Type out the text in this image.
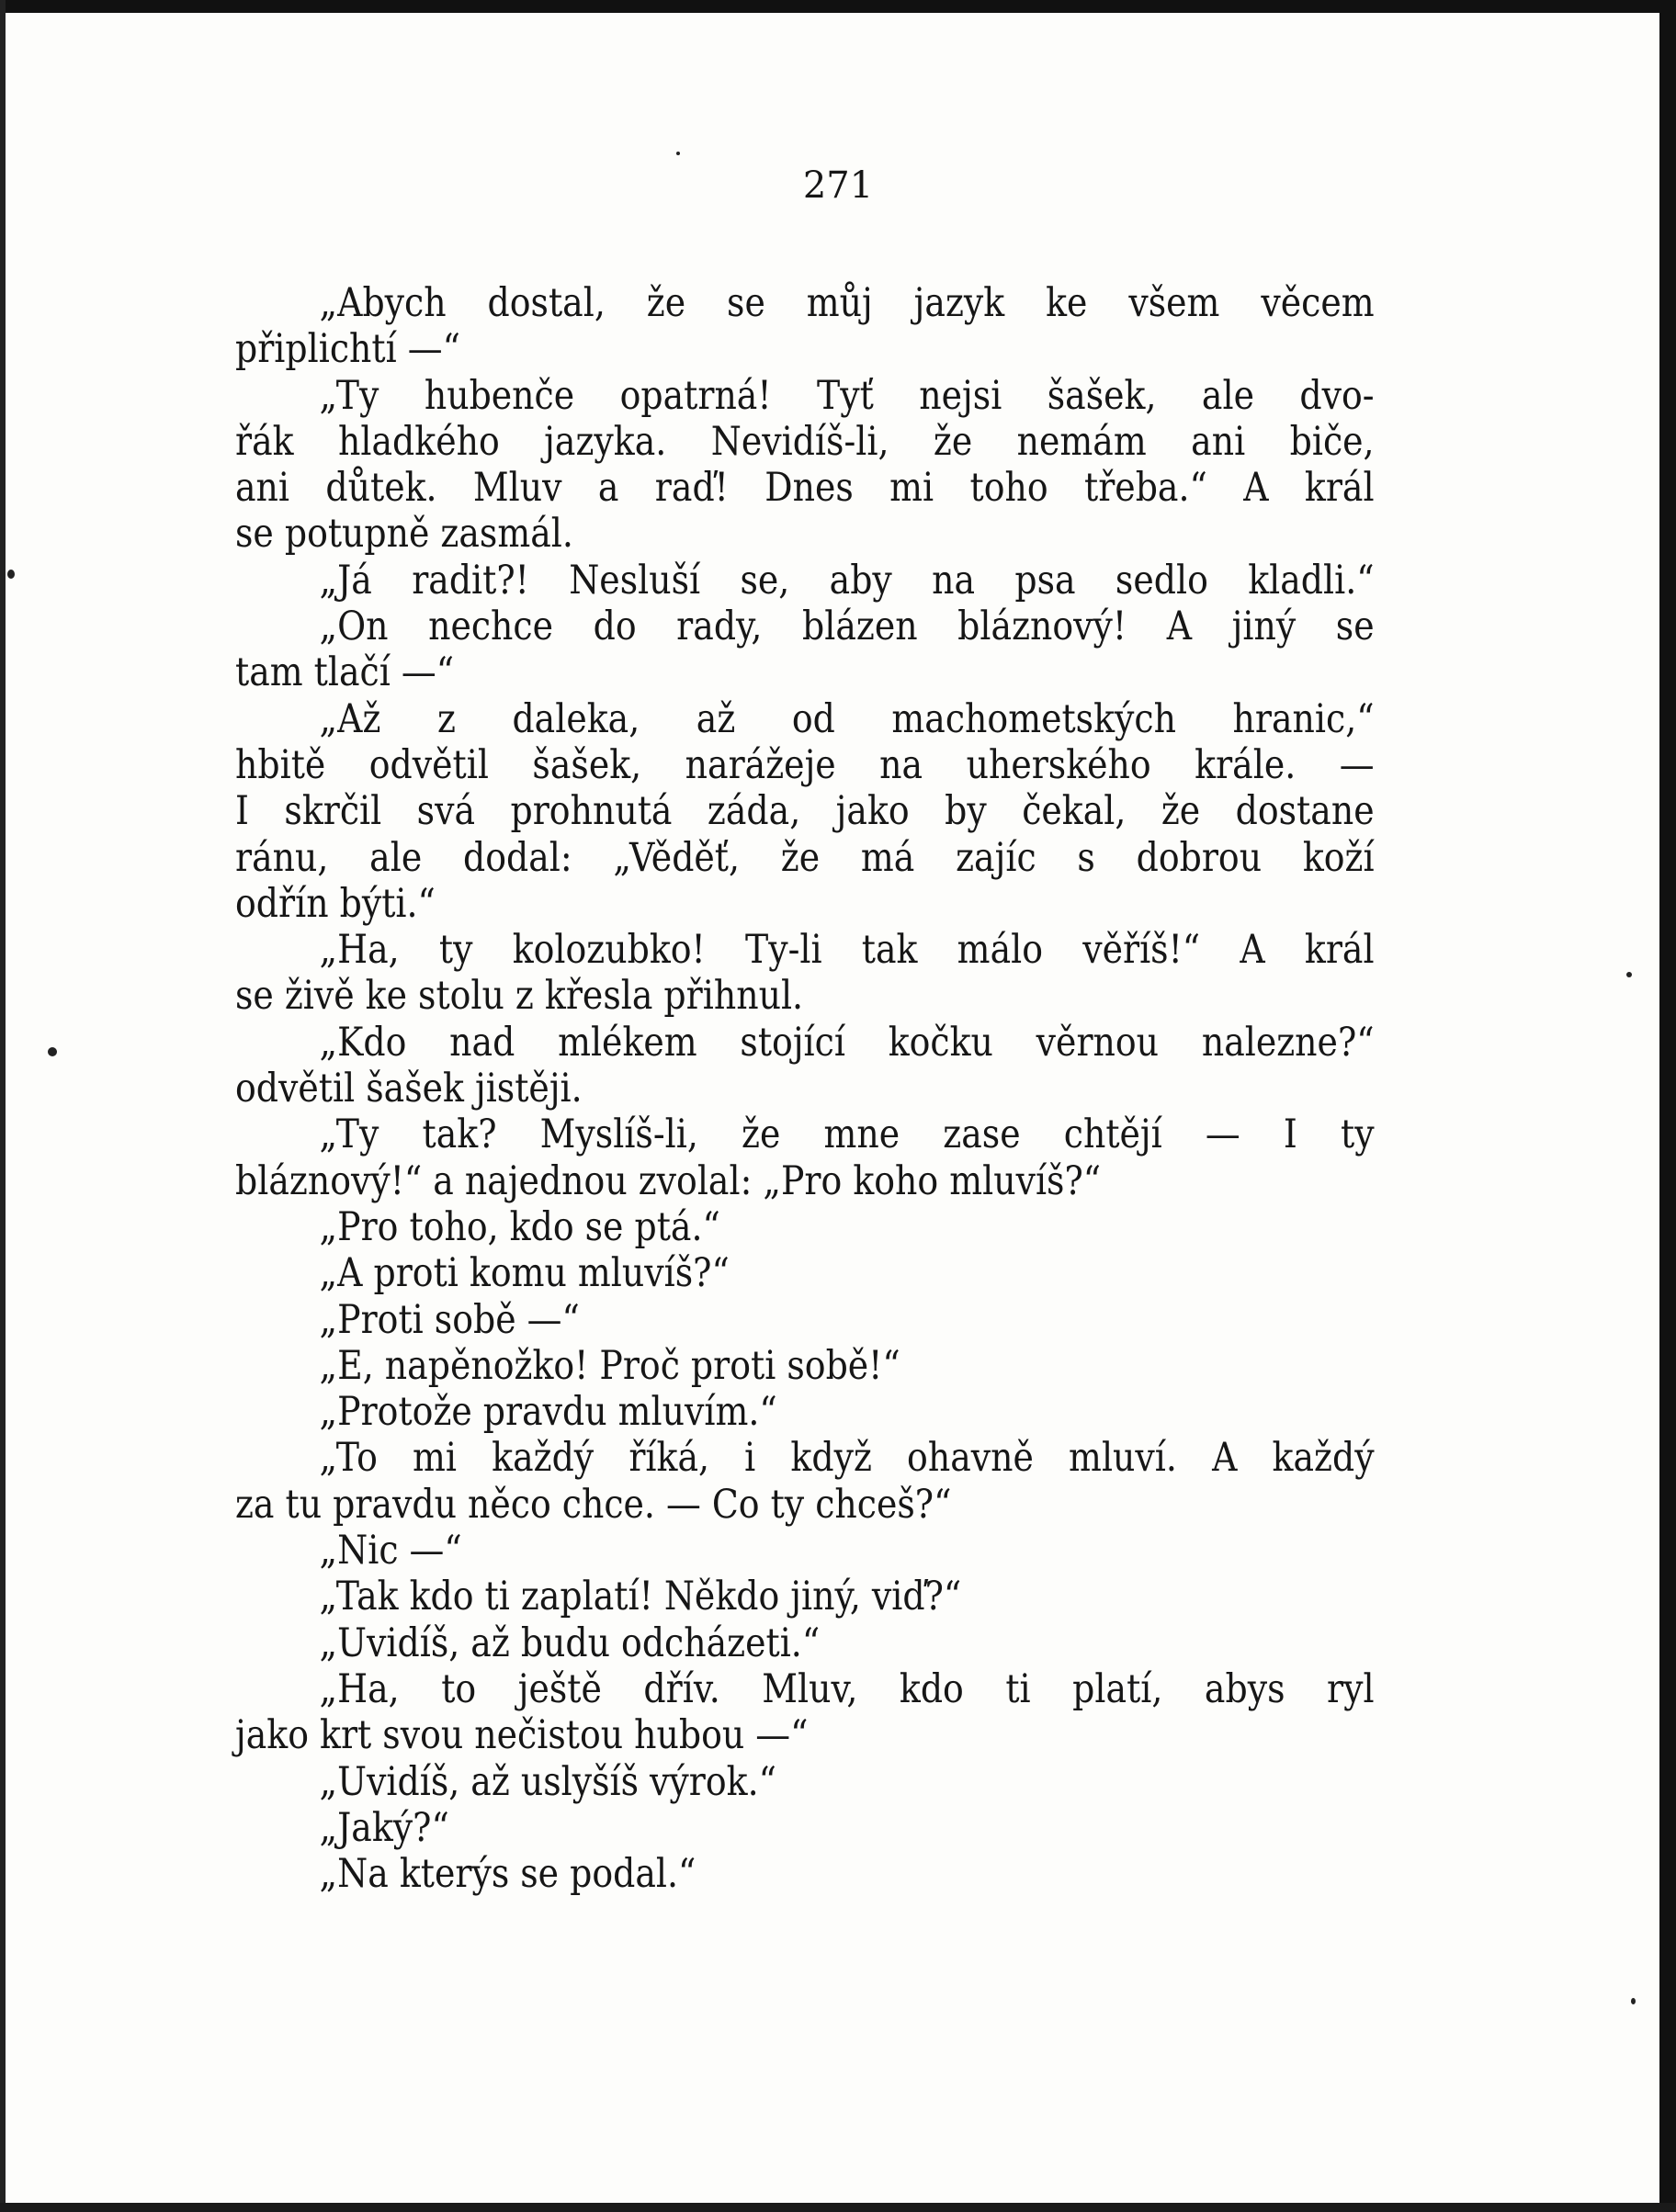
271
„Abych dostal, že se můj jazyk ke všem věcem
připlichtí —“
„Ty hubenče opatrná! Tyť nejsi šašek, ale dvo-
řák hladkého jazyka. Nevidíš-li, že nemám ani biče,
ani důtek. Mluv a raď! Dnes mi toho třeba.“ A král
se potupně zasmál.
„Já radit?! Nesluší se, aby na psa sedlo kladli.“
„On nechce do rady, blázen bláznový! A jiný se
tam tlačí —“
„Až z daleka, až od machometských hranic,“
hbitě odvětil šašek, narážeje na uherského krále. —
I skrčil svá prohnutá záda, jako by čekal, že dostane
ránu, ale dodal: „Věděť, že má zajíc s dobrou koží
odřín býti.“
„Ha, ty kolozubko! Ty-li tak málo věříš!“ A král
se živě ke stolu z křesla přihnul.
„Kdo nad mlékem stojící kočku věrnou nalezne?“
odvětil šašek jistěji.
„Ty tak? Myslíš-li, že mne zase chtějí — I ty
bláznový!“ a najednou zvolal: „Pro koho mluvíš?“
„Pro toho, kdo se ptá.“
„A proti komu mluvíš?“
„Proti sobě —“
„E, napěnožko! Proč proti sobě!“
„Protože pravdu mluvím.“
„To mi každý říká, i když ohavně mluví. A každý
za tu pravdu něco chce. — Co ty chceš?“
„Nic —“
„Tak kdo ti zaplatí! Někdo jiný, viď?“
„Uvidíš, až budu odcházeti.“
„Ha, to ještě dřív. Mluv, kdo ti platí, abys ryl
jako krt svou nečistou hubou —“
„Uvidíš, až uslyšíš výrok.“
„Jaký?“
„Na kterýs se podal.“
